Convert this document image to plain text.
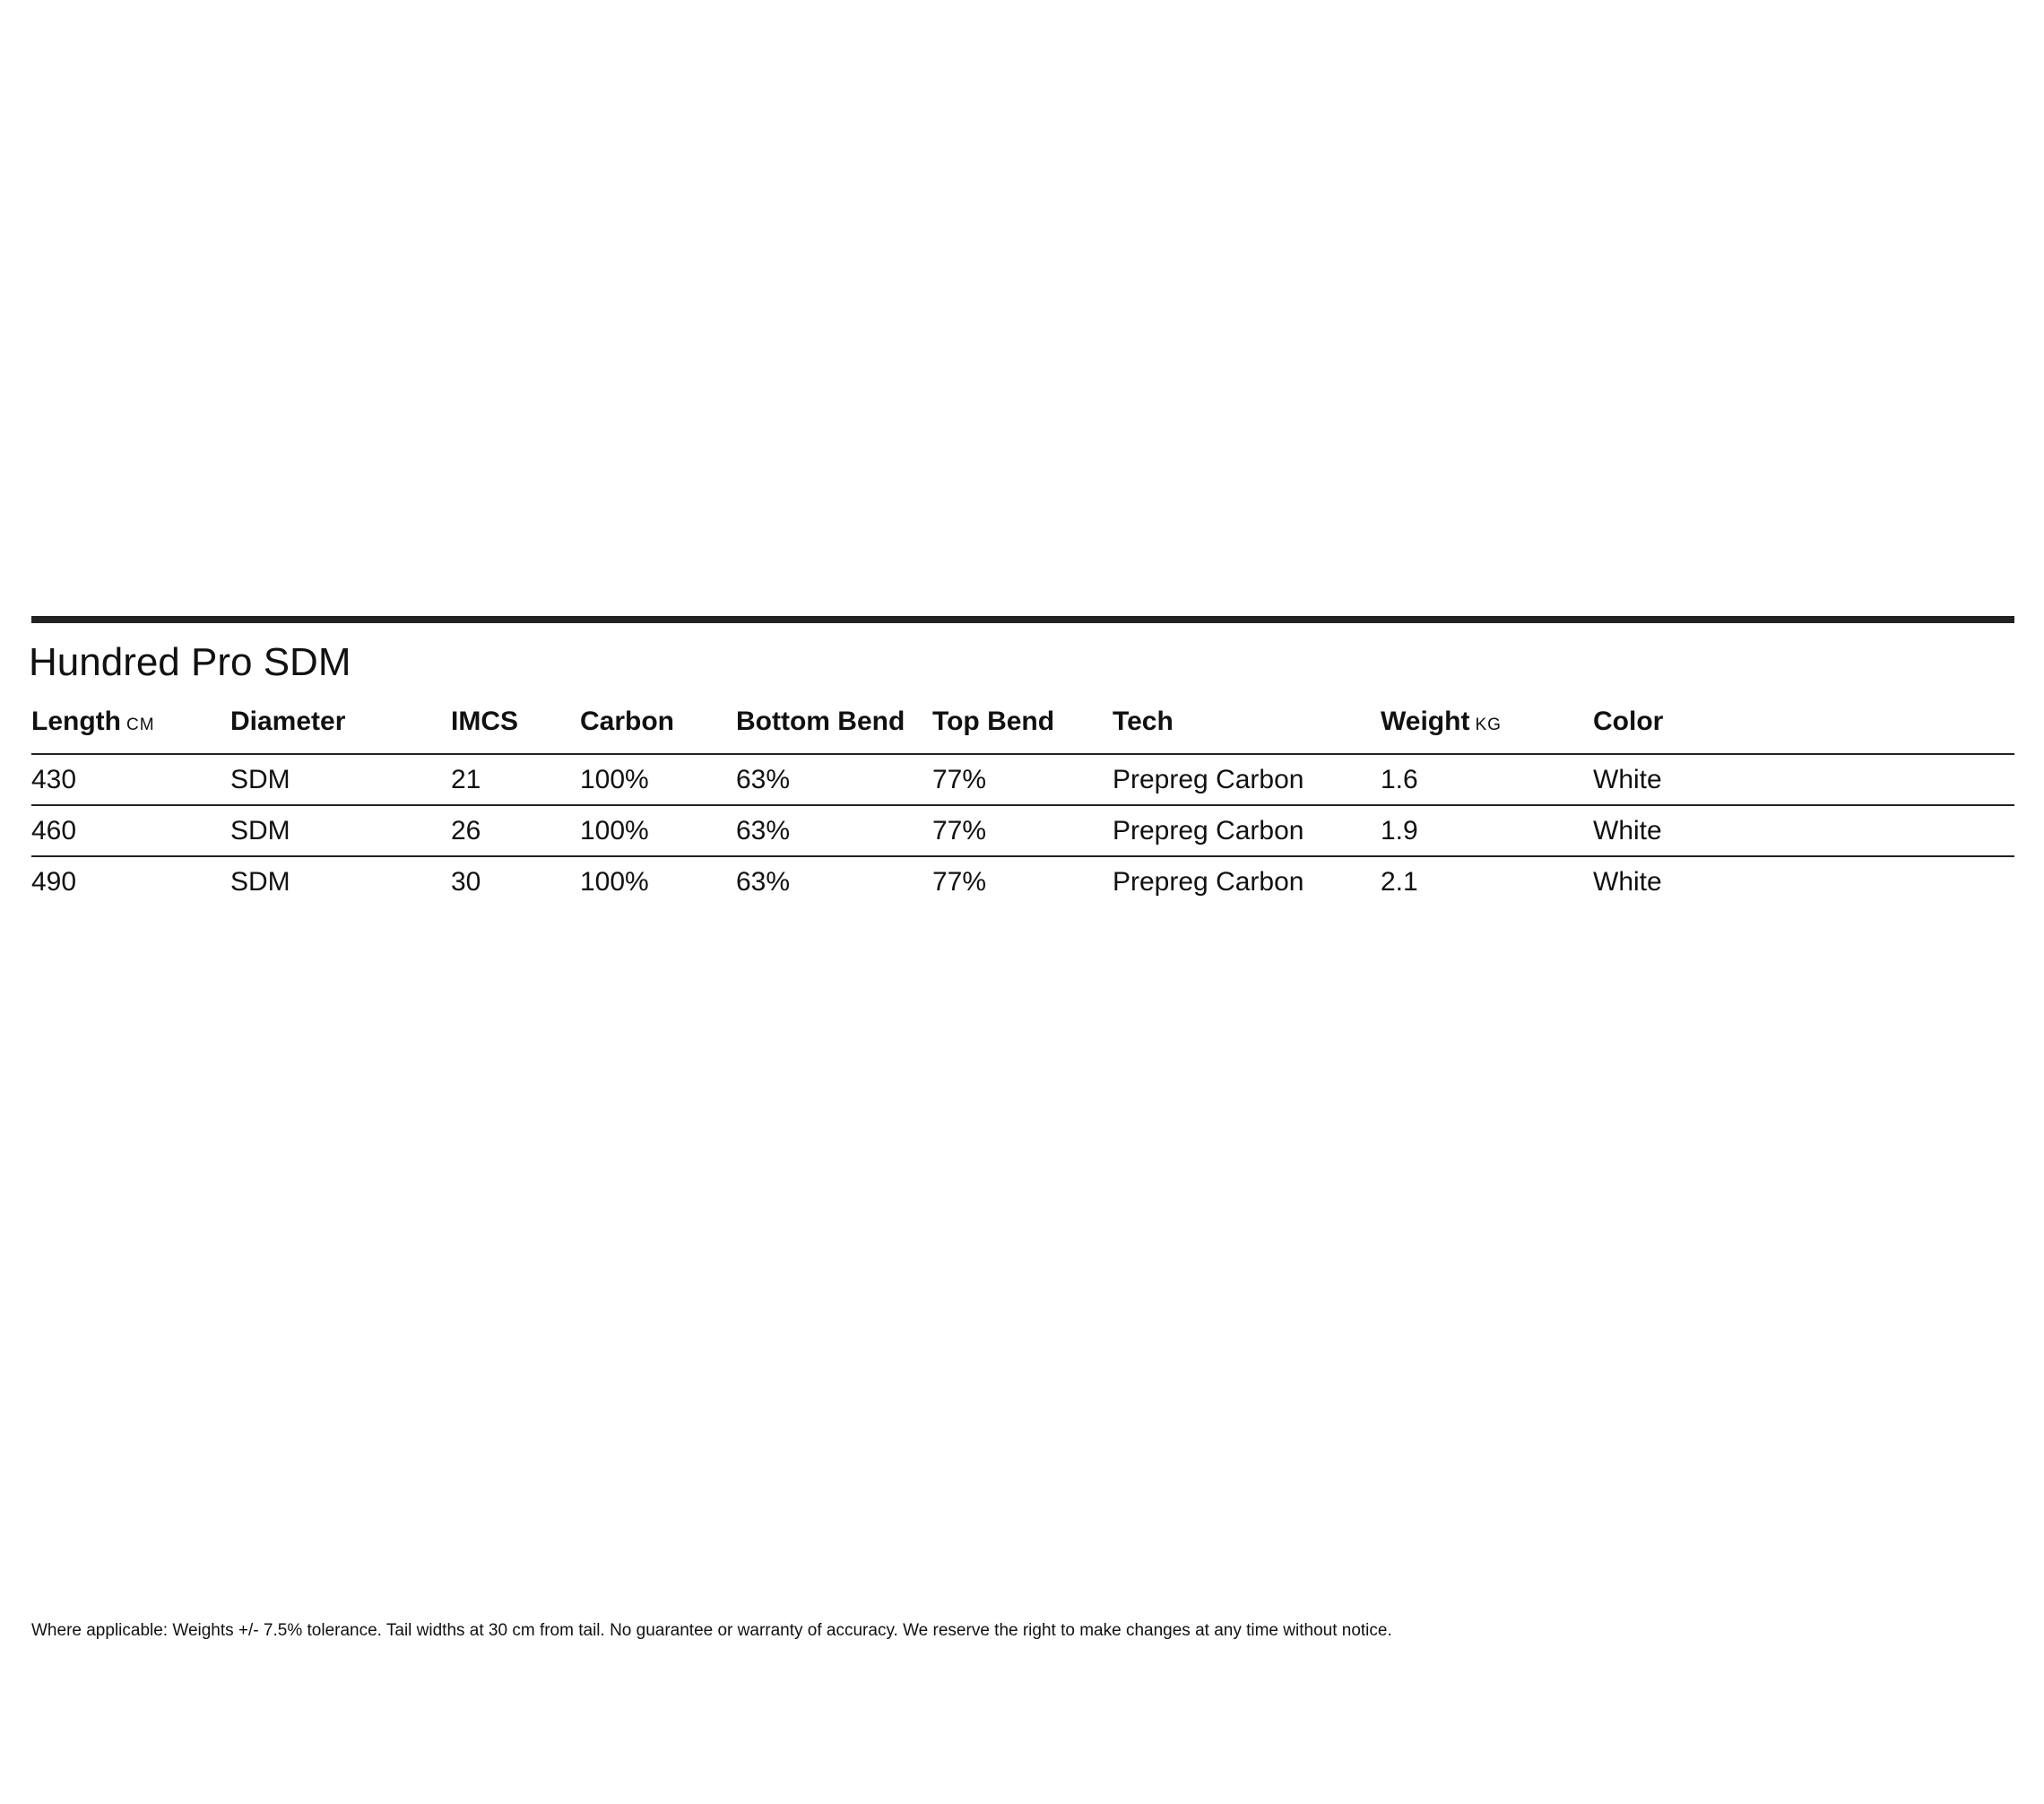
Hundred Pro SDM
Length CM	Diameter	IMCS	Carbon	Bottom Bend	Top Bend	Tech	Weight KG	Color
430	SDM	21	100%	63%	77%	Prepreg Carbon	1.6	White
460	SDM	26	100%	63%	77%	Prepreg Carbon	1.9	White
490	SDM	30	100%	63%	77%	Prepreg Carbon	2.1	White
Where applicable: Weights +/- 7.5% tolerance. Tail widths at 30 cm from tail. No guarantee or warranty of accuracy. We reserve the right to make changes at any time without notice.
